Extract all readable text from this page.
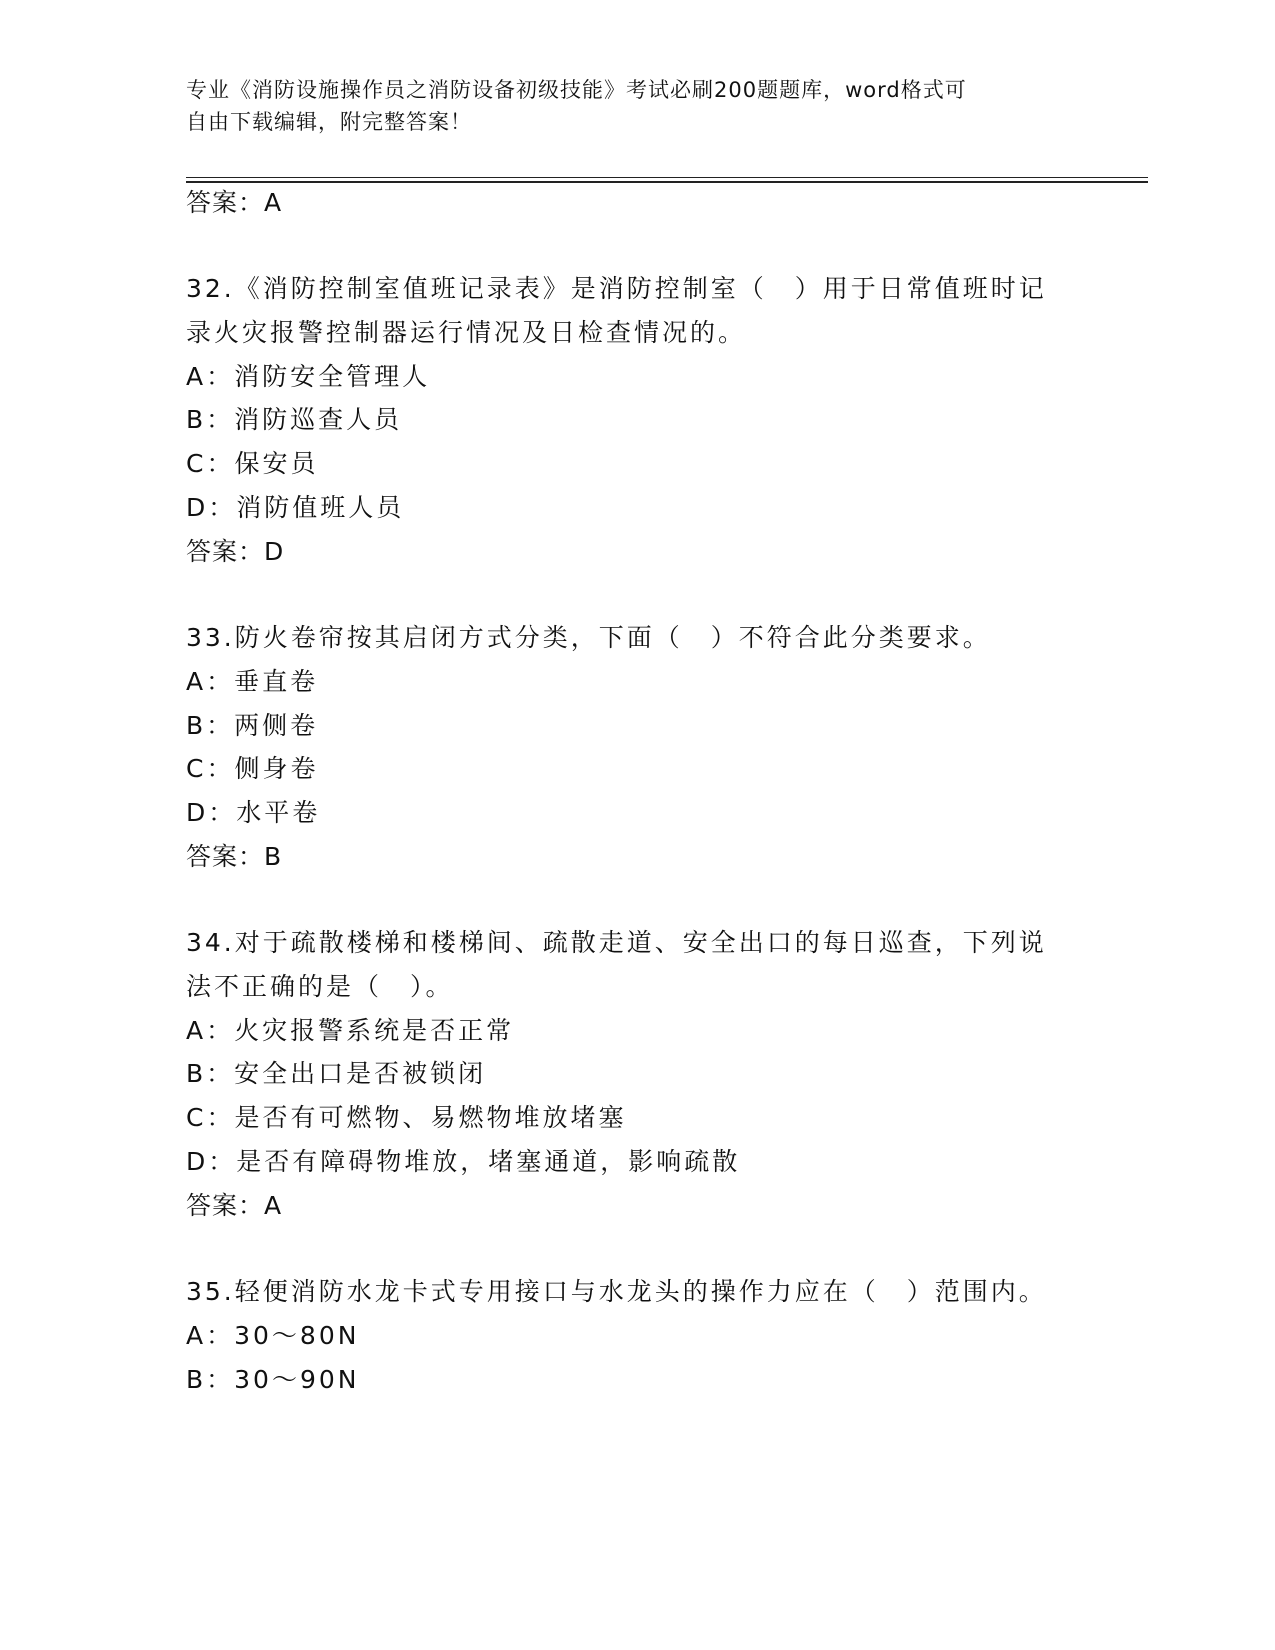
专业《消防设施操作员之消防设备初级技能》考试必刷200题题库，word格式可
自由下载编辑，附完整答案！
答案：A
32.《消防控制室值班记录表》是消防控制室（　）用于日常值班时记
录火灾报警控制器运行情况及日检查情况的。
A：消防安全管理人
B：消防巡查人员
C：保安员
D：消防值班人员
答案：D
33.防火卷帘按其启闭方式分类，下面（　）不符合此分类要求。
A：垂直卷
B：两侧卷
C：侧身卷
D：水平卷
答案：B
34.对于疏散楼梯和楼梯间、疏散走道、安全出口的每日巡查，下列说
法不正确的是（　）。
A：火灾报警系统是否正常
B：安全出口是否被锁闭
C：是否有可燃物、易燃物堆放堵塞
D：是否有障碍物堆放，堵塞通道，影响疏散
答案：A
35.轻便消防水龙卡式专用接口与水龙头的操作力应在（　）范围内。
A：30～80N
B：30～90N
